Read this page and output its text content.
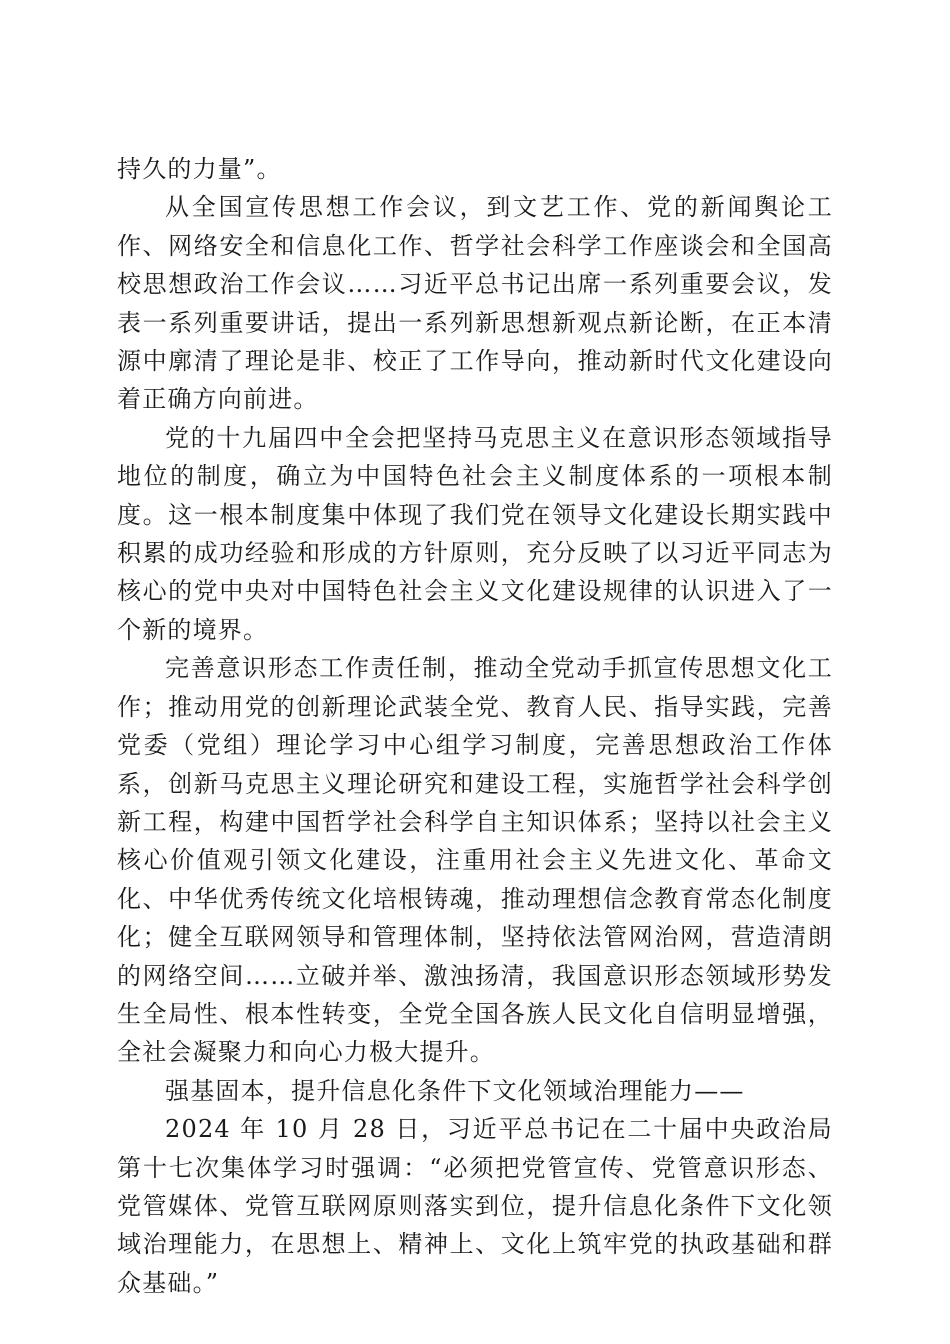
持久的力量”。

从全国宣传思想工作会议，到文艺工作、党的新闻舆论工作、网络安全和信息化工作、哲学社会科学工作座谈会和全国高校思想政治工作会议……习近平总书记出席一系列重要会议，发表一系列重要讲话，提出一系列新思想新观点新论断，在正本清源中廓清了理论是非、校正了工作导向，推动新时代文化建设向着正确方向前进。

党的十九届四中全会把坚持马克思主义在意识形态领域指导地位的制度，确立为中国特色社会主义制度体系的一项根本制度。这一根本制度集中体现了我们党在领导文化建设长期实践中积累的成功经验和形成的方针原则，充分反映了以习近平同志为核心的党中央对中国特色社会主义文化建设规律的认识进入了一个新的境界。

完善意识形态工作责任制，推动全党动手抓宣传思想文化工作；推动用党的创新理论武装全党、教育人民、指导实践，完善党委（党组）理论学习中心组学习制度，完善思想政治工作体系，创新马克思主义理论研究和建设工程，实施哲学社会科学创新工程，构建中国哲学社会科学自主知识体系；坚持以社会主义核心价值观引领文化建设，注重用社会主义先进文化、革命文化、中华优秀传统文化培根铸魂，推动理想信念教育常态化制度化；健全互联网领导和管理体制，坚持依法管网治网，营造清朗的网络空间……立破并举、激浊扬清，我国意识形态领域形势发生全局性、根本性转变，全党全国各族人民文化自信明显增强，全社会凝聚力和向心力极大提升。

强基固本，提升信息化条件下文化领域治理能力——

2024 年 10 月 28 日，习近平总书记在二十届中央政治局第十七次集体学习时强调：“必须把党管宣传、党管意识形态、党管媒体、党管互联网原则落实到位，提升信息化条件下文化领域治理能力，在思想上、精神上、文化上筑牢党的执政基础和群众基础。”
